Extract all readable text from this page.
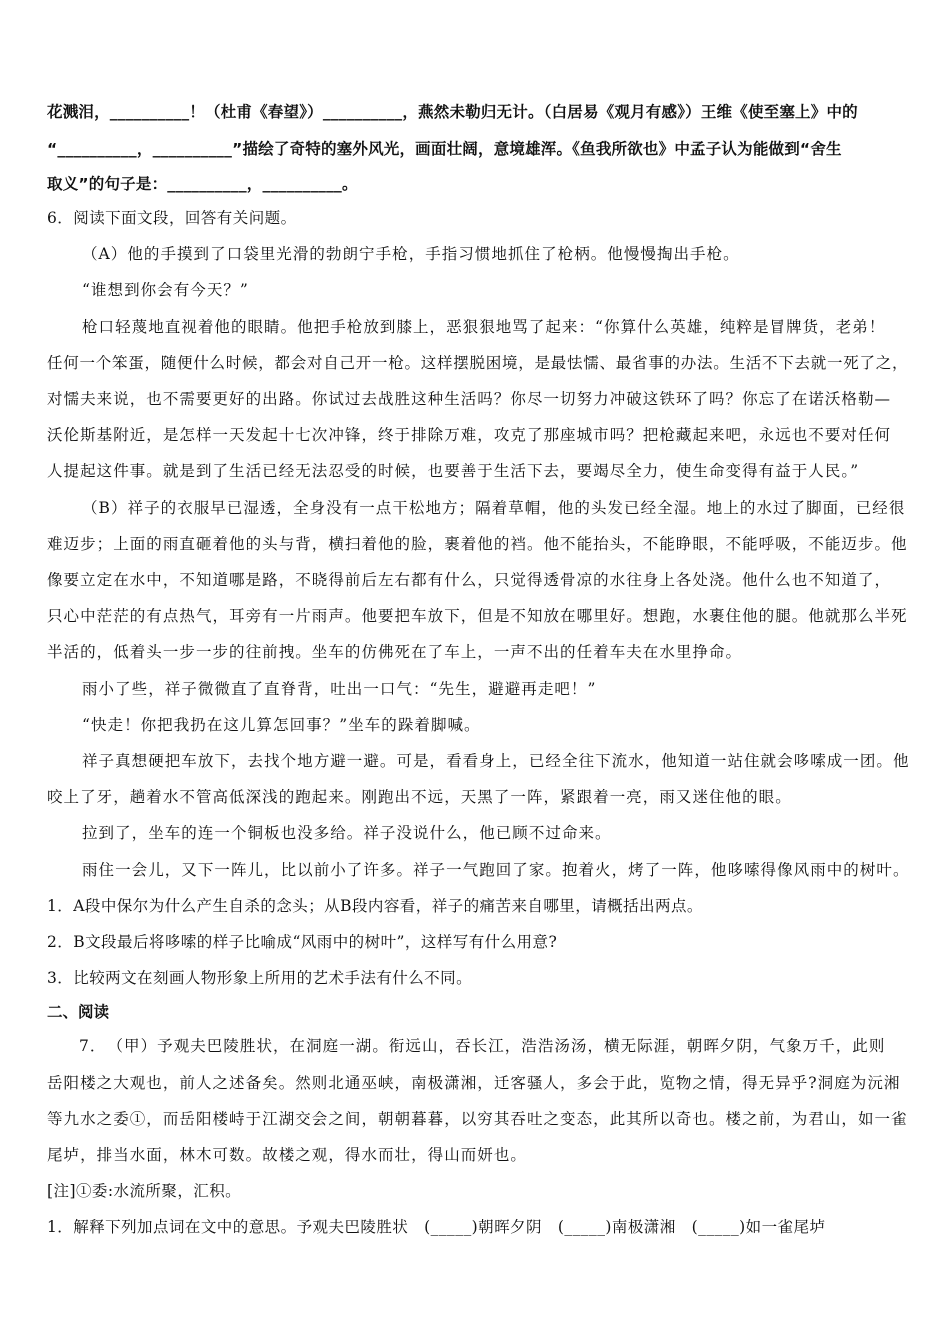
花溅泪，__________！（杜甫《春望》）__________，燕然未勒归无计。（白居易《观月有感》）王维《使至塞上》中的

“__________，__________”描绘了奇特的塞外风光，画面壮阔，意境雄浑。《鱼我所欲也》中孟子认为能做到“舍生

取义”的句子是：__________，__________。

6．阅读下面文段，回答有关问题。

（A）他的手摸到了口袋里光滑的勃朗宁手枪，手指习惯地抓住了枪柄。他慢慢掏出手枪。

“谁想到你会有今天？”

枪口轻蔑地直视着他的眼睛。他把手枪放到膝上，恶狠狠地骂了起来：“你算什么英雄，纯粹是冒牌货，老弟！

任何一个笨蛋，随便什么时候，都会对自己开一枪。这样摆脱困境，是最怯懦、最省事的办法。生活不下去就一死了之，

对懦夫来说，也不需要更好的出路。你试过去战胜这种生活吗？你尽一切努力冲破这铁环了吗？你忘了在诺沃格勒—

沃伦斯基附近，是怎样一天发起十七次冲锋，终于排除万难，攻克了那座城市吗？把枪藏起来吧，永远也不要对任何

人提起这件事。就是到了生活已经无法忍受的时候，也要善于生活下去，要竭尽全力，使生命变得有益于人民。”

（B）祥子的衣服早已湿透，全身没有一点干松地方；隔着草帽，他的头发已经全湿。地上的水过了脚面，已经很

难迈步；上面的雨直砸着他的头与背，横扫着他的脸，裹着他的裆。他不能抬头，不能睁眼，不能呼吸，不能迈步。他

像要立定在水中，不知道哪是路，不晓得前后左右都有什么，只觉得透骨凉的水往身上各处浇。他什么也不知道了，

只心中茫茫的有点热气，耳旁有一片雨声。他要把车放下，但是不知放在哪里好。想跑，水裹住他的腿。他就那么半死

半活的，低着头一步一步的往前拽。坐车的仿佛死在了车上，一声不出的任着车夫在水里挣命。

雨小了些，祥子微微直了直脊背，吐出一口气：“先生，避避再走吧！”

“快走！你把我扔在这儿算怎回事？”坐车的跺着脚喊。

祥子真想硬把车放下，去找个地方避一避。可是，看看身上，已经全往下流水，他知道一站住就会哆嗦成一团。他

咬上了牙，趟着水不管高低深浅的跑起来。刚跑出不远，天黑了一阵，紧跟着一亮，雨又迷住他的眼。

拉到了，坐车的连一个铜板也没多给。祥子没说什么，他已顾不过命来。

雨住一会儿，又下一阵儿，比以前小了许多。祥子一气跑回了家。抱着火，烤了一阵，他哆嗦得像风雨中的树叶。

1．A段中保尔为什么产生自杀的念头；从B段内容看，祥子的痛苦来自哪里，请概括出两点。

2．B文段最后将哆嗦的样子比喻成“风雨中的树叶”，这样写有什么用意?

3．比较两文在刻画人物形象上所用的艺术手法有什么不同。

二、阅读

7．　（甲）予观夫巴陵胜状，在洞庭一湖。衔远山，吞长江，浩浩汤汤，横无际涯，朝晖夕阴，气象万千，此则

岳阳楼之大观也，前人之述备矣。然则北通巫峡，南极潇湘，迁客骚人，多会于此，览物之情，得无异乎?洞庭为沅湘

等九水之委①，而岳阳楼峙于江湖交会之间，朝朝暮暮，以穷其吞吐之变态，此其所以奇也。楼之前，为君山，如一雀

尾垆，排当水面，林木可数。故楼之观，得水而壮，得山而妍也。

[注]①委:水流所聚，汇积。

1．解释下列加点词在文中的意思。予观夫巴陵胜状　(_____)朝晖夕阴　(_____)南极潇湘　(_____)如一雀尾垆
